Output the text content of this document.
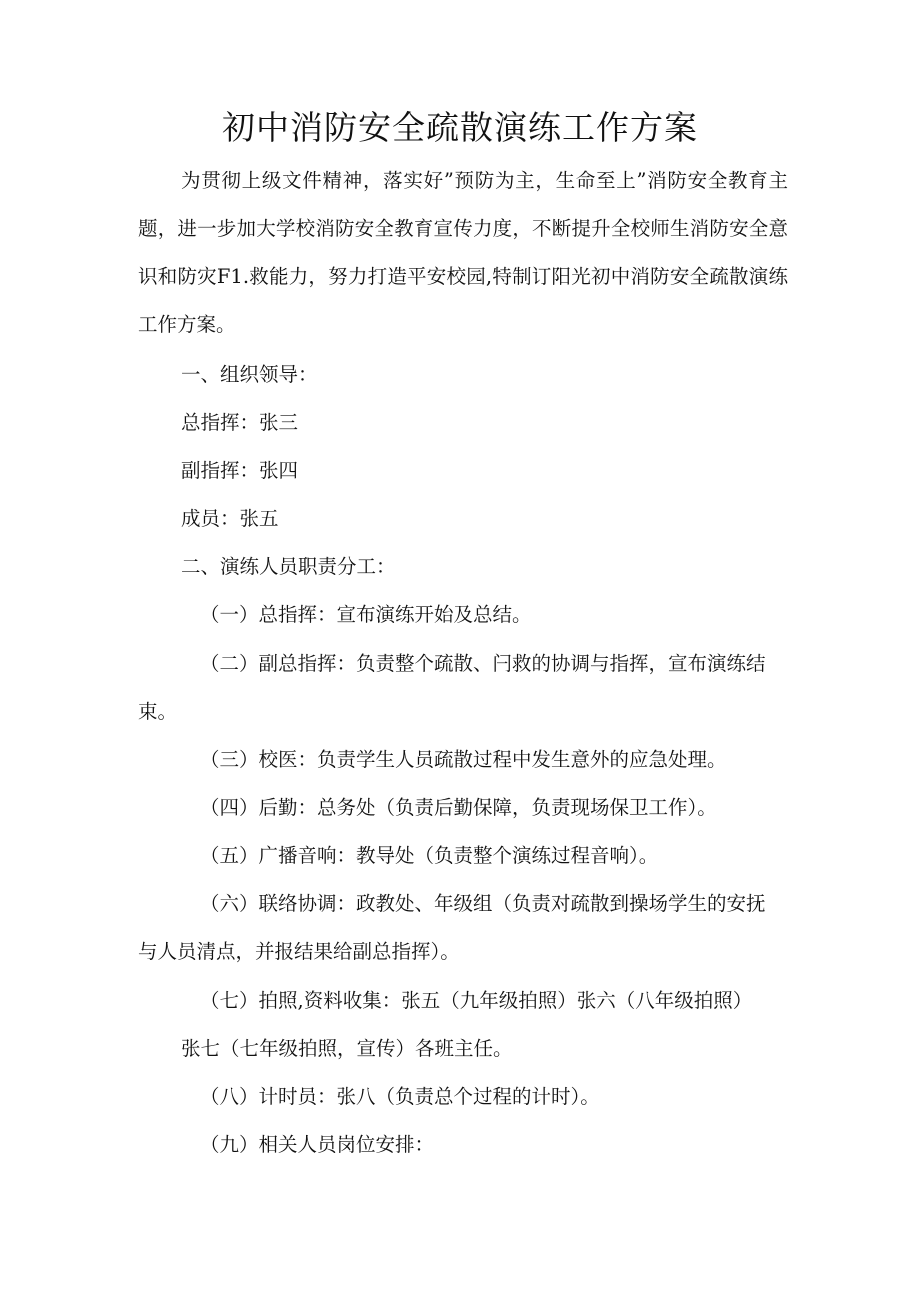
初中消防安全疏散演练工作方案

为贯彻上级文件精神，落实好”预防为主，生命至上”消防安全教育主题，进一步加大学校消防安全教育宣传力度，不断提升全校师生消防安全意识和防灾F1.救能力，努力打造平安校园,特制订阳光初中消防安全疏散演练工作方案。

一、组织领导：

总指挥：张三

副指挥：张四

成员：张五

二、演练人员职责分工：

（一）总指挥：宣布演练开始及总结。

（二）副总指挥：负责整个疏散、闩救的协调与指挥，宣布演练结

束。

（三）校医：负责学生人员疏散过程中发生意外的应急处理。

（四）后勤：总务处（负责后勤保障，负责现场保卫工作）。

（五）广播音响：教导处（负责整个演练过程音响）。

（六）联络协调：政教处、年级组（负责对疏散到操场学生的安抚

与人员清点，并报结果给副总指挥）。

（七）拍照,资料收集：张五（九年级拍照）张六（八年级拍照）

张七（七年级拍照，宣传）各班主任。

（八）计时员：张八（负责总个过程的计时）。

（九）相关人员岗位安排：
